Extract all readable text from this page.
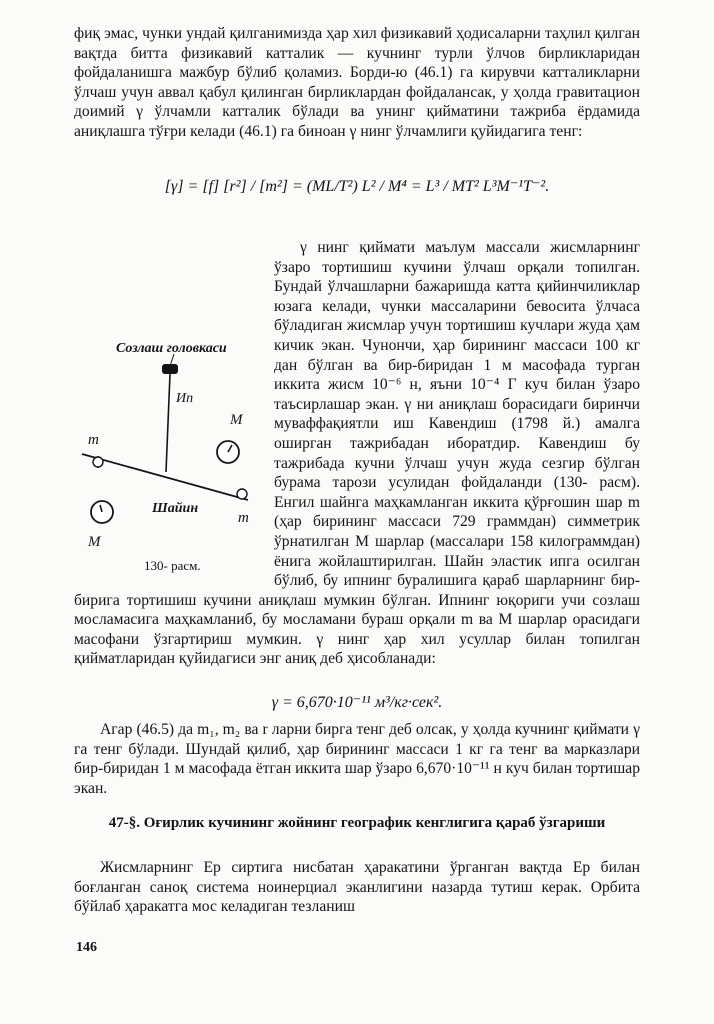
фиқ эмас, чунки ундай қилганимизда ҳар хил физикавий ҳодисаларни таҳлил қилган вақтда битта физикавий катталик — кучнинг турли ўлчов бирликларидан фойдаланишга мажбур бўлиб қоламиз. Борди-ю (46.1) га кирувчи катталикларни ўлчаш учун аввал қабул қилинган бирликлардан фойдалансак, у ҳолда гравитацион доимий γ ўлчамли катталик бўлади ва унинг қийматини тажриба ёрдамида аниқлашга тўғри келади (46.1) га биноан γ нинг ўлчамлиги қуйидагига тенг:

[γ] = [f] [r²] / [m²] = (ML/T²) L² / M⁴ = L³ / MT² L³M⁻¹T⁻².

γ нинг қиймати маълум массали жисмларнинг ўзаро тортишиш кучини ўлчаш орқали топилган. Бундай ўлчашларни бажаришда катта қийинчиликлар юзага келади, чунки массаларини бевосита ўлчаса бўладиган жисмлар учун тортишиш кучлари жуда ҳам кичик экан. Чунончи, ҳар бирининг массаси 100 кг дан бўлган ва бир-биридан 1 м масофада турган иккита жисм 10⁻⁶ н, яъни 10⁻⁴ Г куч билан ўзаро таъсирлашар экан. γ ни аниқлаш борасидаги биринчи муваффақиятли иш Кавендиш (1798 й.) амалга оширган тажрибадан иборатдир. Кавендиш бу тажрибада кучни ўлчаш учун жуда сезгир бўлган бурама тарози усулидан фойдаланди (130- расм). Енгил шайнга маҳкамланган иккита қўрғошин шар m (ҳар бирининг массаси 729 граммдан) симметрик ўрнатилган M шарлар (массалари 158 килограммдан) ёнига жойлаштирилган. Шайн эластик ипга осилган бўлиб, бу ипнинг буралишига қараб шарларнинг бир-бирига тортишиш кучини аниқлаш мумкин бўлган. Ипнинг юқориги учи созлаш мосламасига маҳкамланиб, бу мосламани бураш орқали m ва M шарлар орасидаги масофани ўзгартириш мумкин. γ нинг ҳар хил усуллар билан топилган қийматларидан қуйидагиси энг аниқ деб ҳисобланади:

Созлаш головкаси
Ип
m
M
m
M
Шайин
130- расм.
γ = 6,670·10⁻¹¹ м³/кг·сек².

Агар (46.5) да m₁, m₂ ва r ларни бирга тенг деб олсак, у ҳолда кучнинг қиймати γ га тенг бўлади. Шундай қилиб, ҳар бирининг массаси 1 кг га тенг ва марказлари бир-биридан 1 м масофада ётган иккита шар ўзаро 6,670·10⁻¹¹ н куч билан тортишар экан.

47-§. Оғирлик кучининг жойнинг географик кенглигига қараб ўзгариши

Жисмларнинг Ер сиртига нисбатан ҳаракатини ўрганган вақтда Ер билан боғланган саноқ система ноинерциал эканлигини назарда тутиш керак. Орбита бўйлаб ҳаракатга мос келадиган тезланиш

146
